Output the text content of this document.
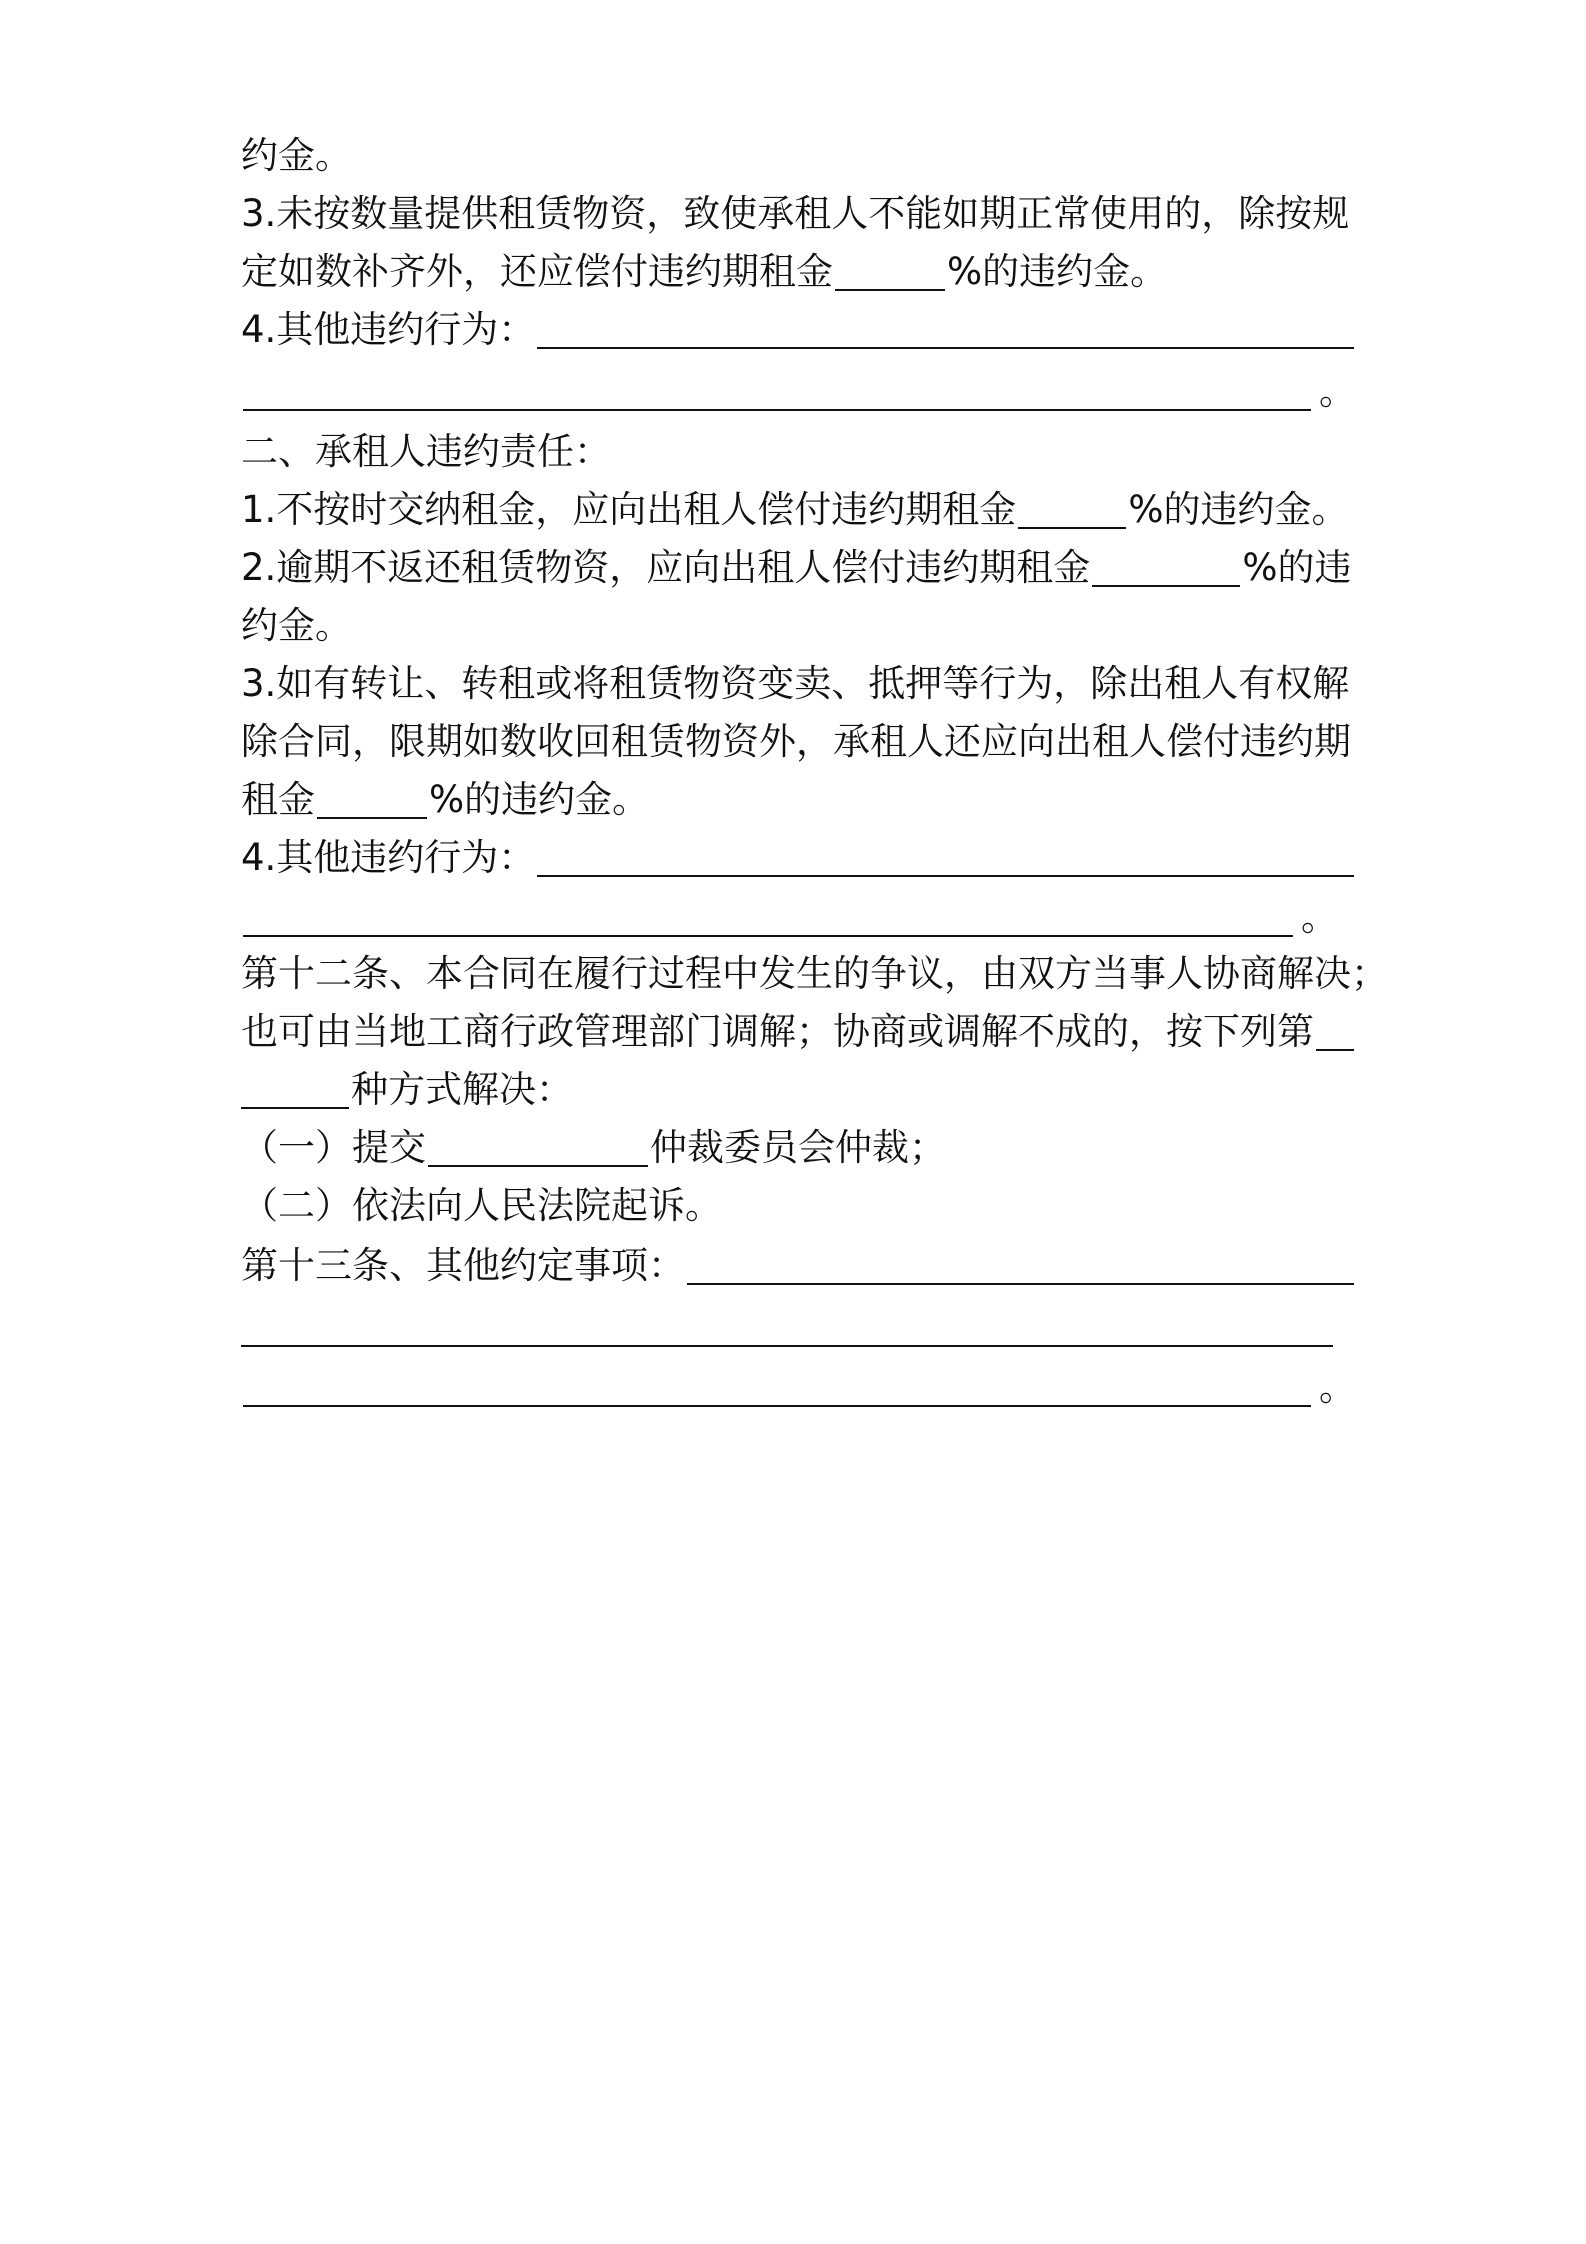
约金。
3.未按数量提供租赁物资，致使承租人不能如期正常使用的，除按规
定如数补齐外，还应偿付违约期租金	%的违约金。
4.其他违约行为：
。
二、承租人违约责任：
1.不按时交纳租金，应向出租人偿付违约期租金	%的违约金。
2.逾期不返还租赁物资，应向出租人偿付违约期租金	%的违
约金。
3.如有转让、转租或将租赁物资变卖、抵押等行为，除出租人有权解
除合同，限期如数收回租赁物资外，承租人还应向出租人偿付违约期
租金	%的违约金。
4.其他违约行为：
。
第十二条、本合同在履行过程中发生的争议，由双方当事人协商解决；
也可由当地工商行政管理部门调解；协商或调解不成的，按下列第
种方式解决：
（一）提交	仲裁委员会仲裁；
（二）依法向人民法院起诉。
第十三条、其他约定事项：
。
